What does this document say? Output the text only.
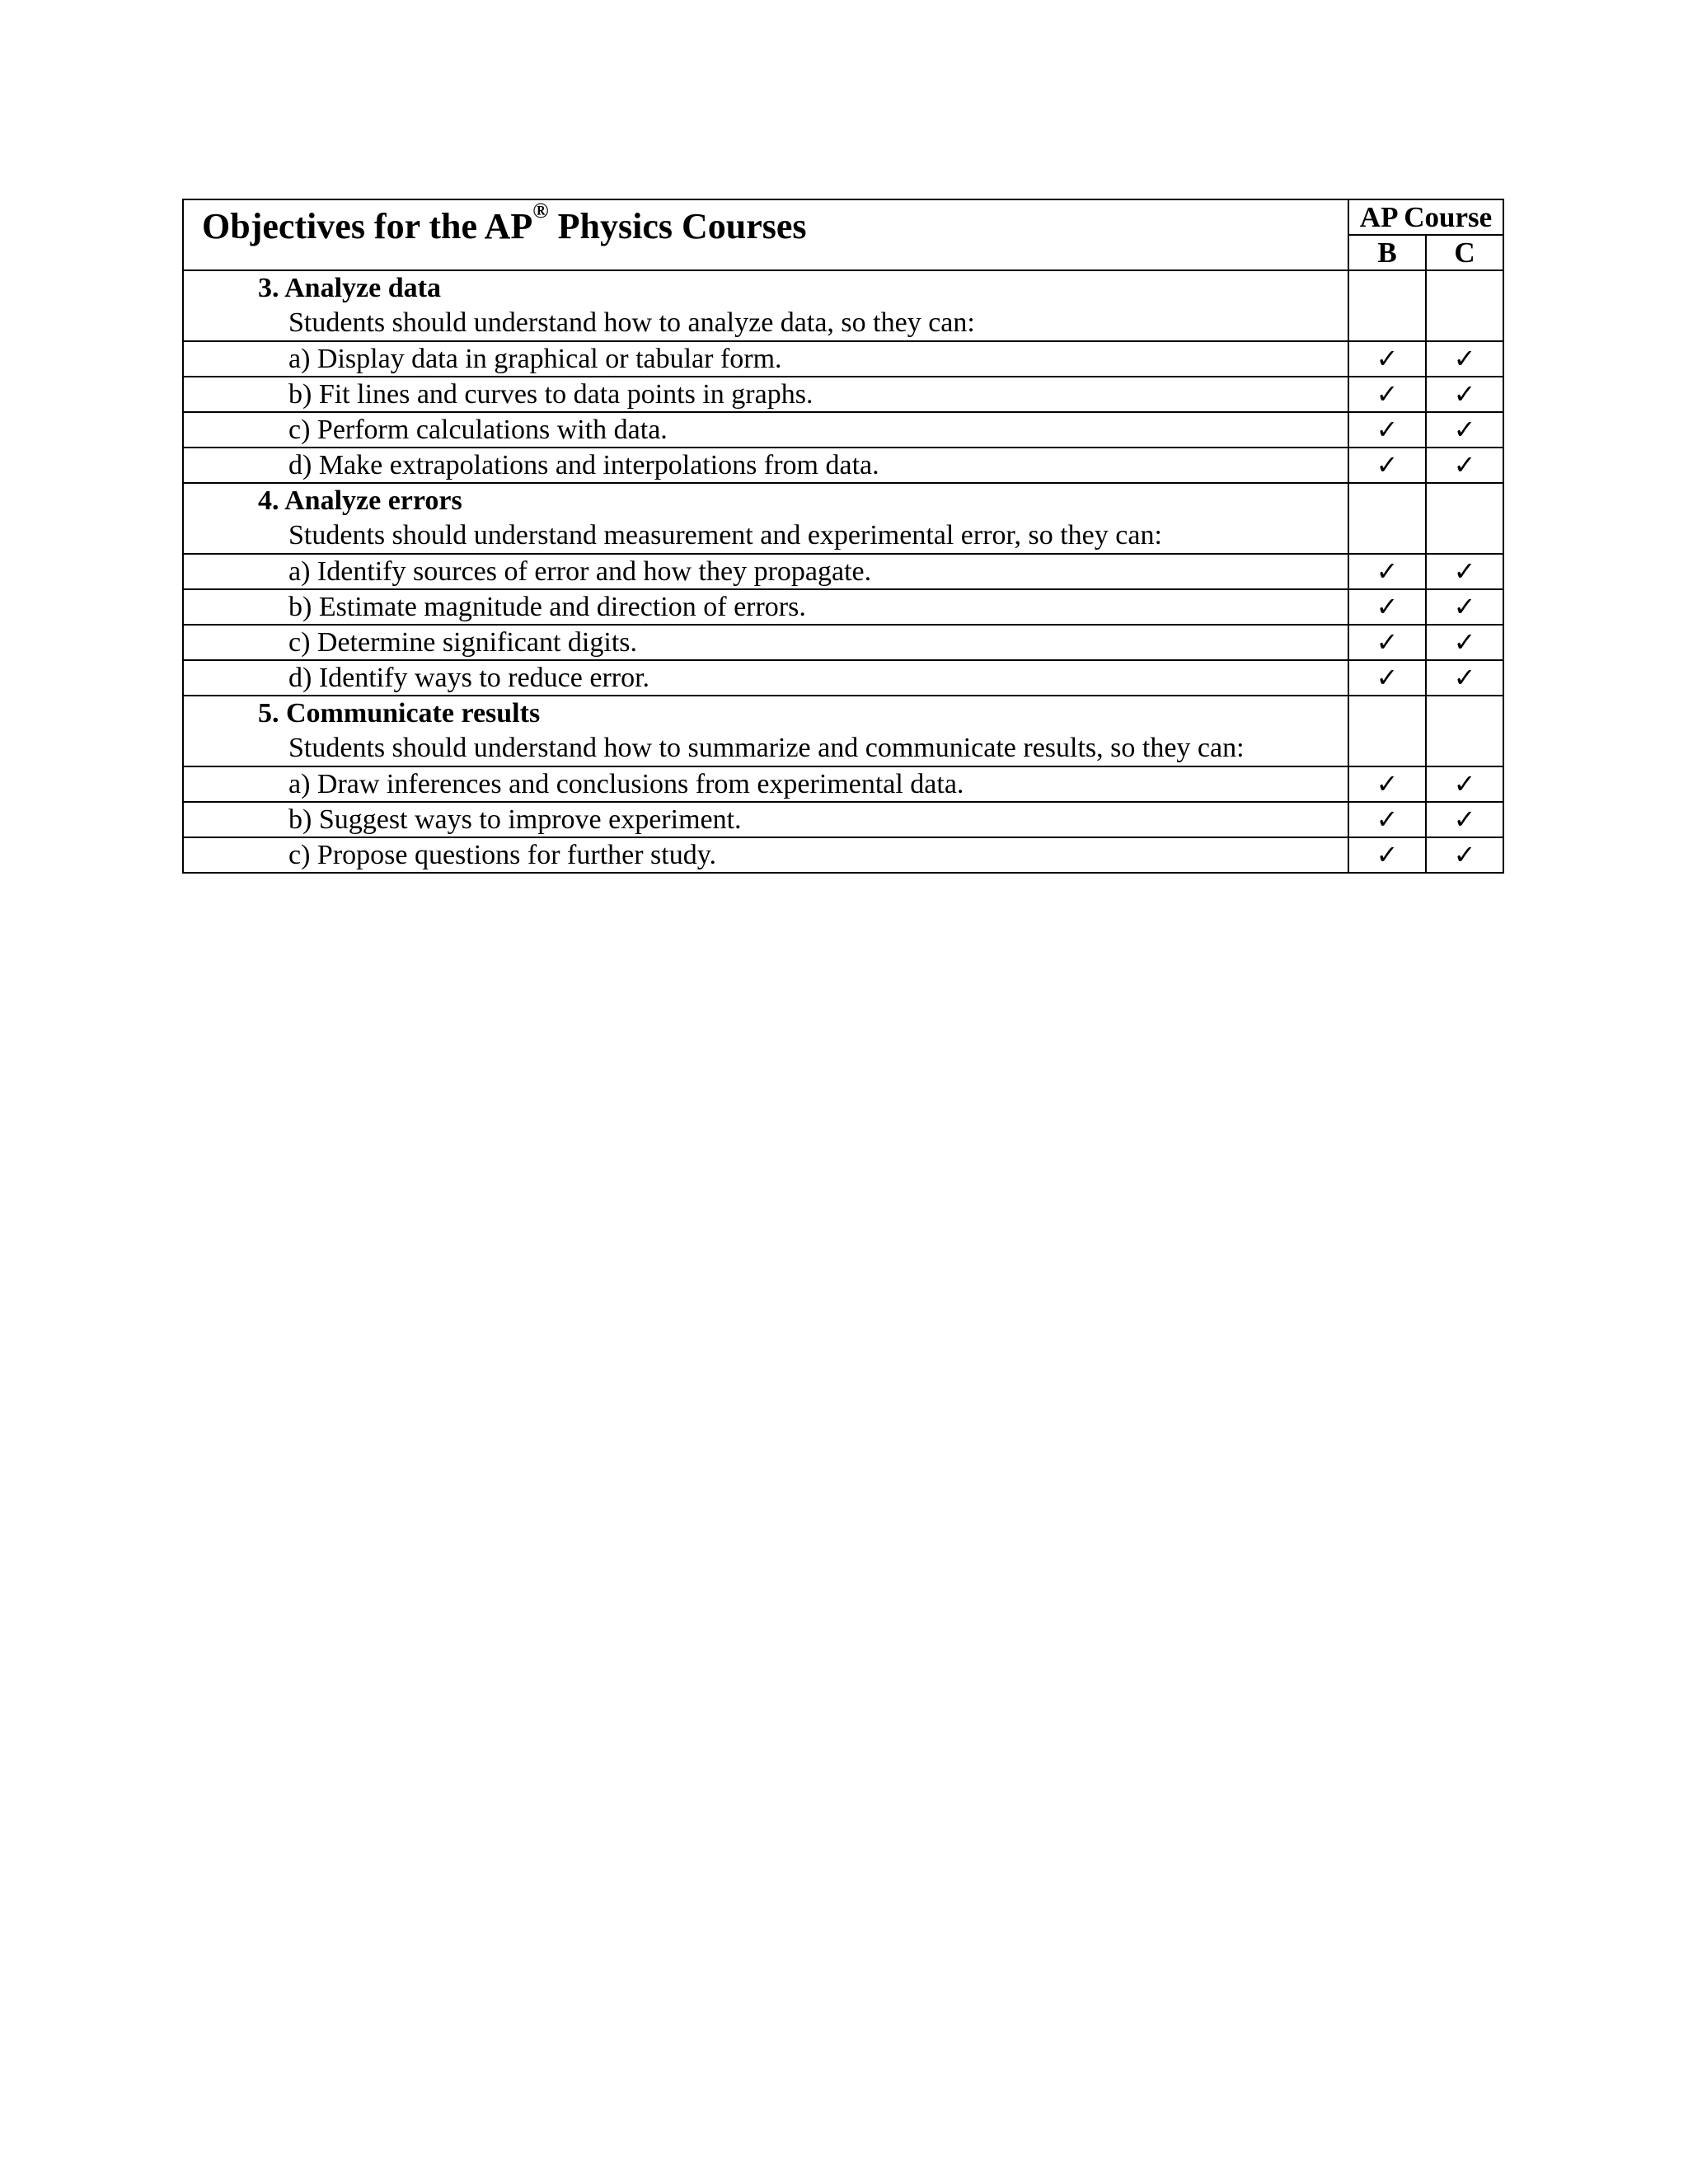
Objectives for the AP® Physics Courses	AP Course	
	B	C

3. Analyze data
Students should understand how to analyze data, so they can:		

a) Display data in graphical or tabular form.	✓	✓
b) Fit lines and curves to data points in graphs.	✓	✓
c) Perform calculations with data.	✓	✓
d) Make extrapolations and interpolations from data.	✓	✓

4. Analyze errors
Students should understand measurement and experimental error, so they can:		

a) Identify sources of error and how they propagate.	✓	✓
b) Estimate magnitude and direction of errors.	✓	✓
c) Determine significant digits.	✓	✓
d) Identify ways to reduce error.	✓	✓

5. Communicate results
Students should understand how to summarize and communicate results, so they can:		

a) Draw inferences and conclusions from experimental data.	✓	✓
b) Suggest ways to improve experiment.	✓	✓
c) Propose questions for further study.	✓	✓
